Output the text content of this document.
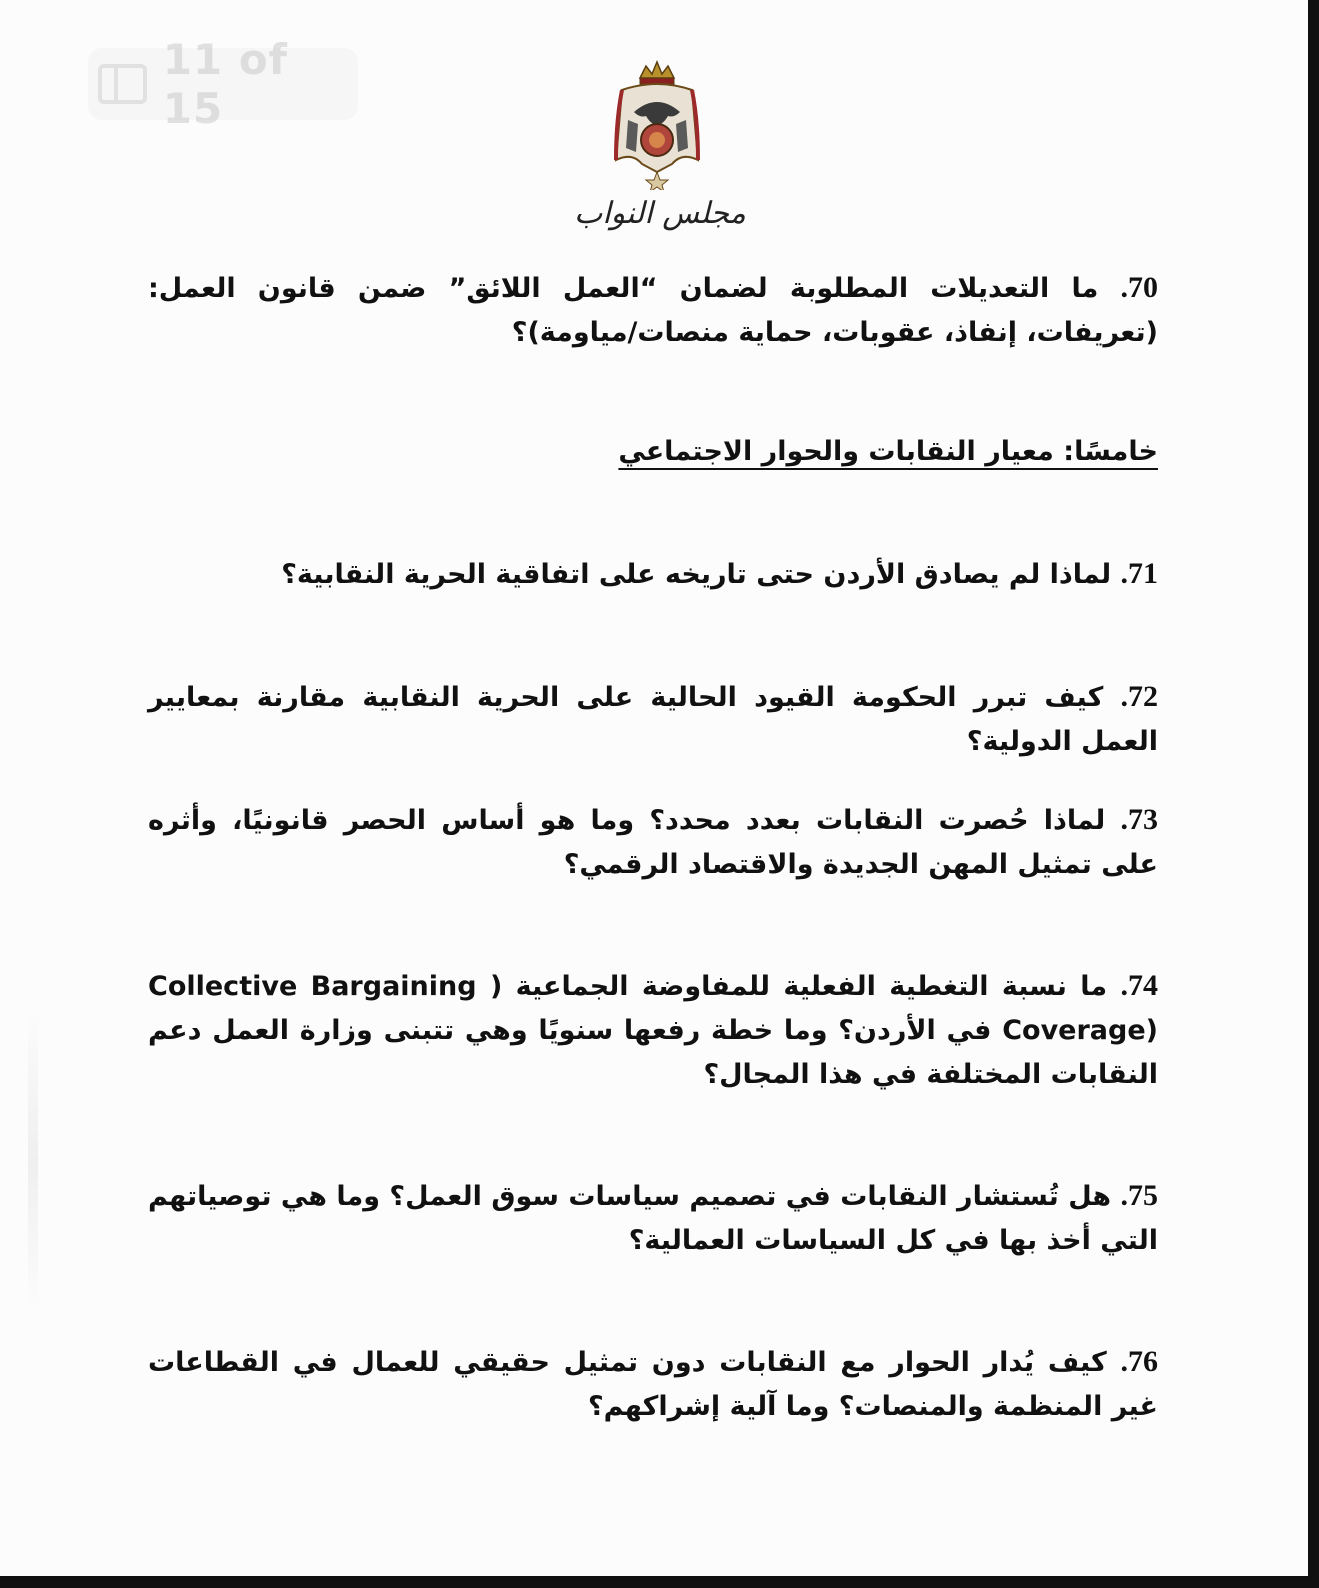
11 of 15
مجلس النواب
70. ما التعديلات المطلوبة لضمان “العمل اللائق” ضمن قانون العمل: (تعريفات، إنفاذ، عقوبات، حماية منصات/مياومة)؟
خامسًا: معيار النقابات والحوار الاجتماعي
71. لماذا لم يصادق الأردن حتى تاريخه على اتفاقية الحرية النقابية؟
72. كيف تبرر الحكومة القيود الحالية على الحرية النقابية مقارنة بمعايير العمل الدولية؟
73. لماذا حُصرت النقابات بعدد محدد؟ وما هو أساس الحصر قانونيًا، وأثره على تمثيل المهن الجديدة والاقتصاد الرقمي؟
74. ما نسبة التغطية الفعلية للمفاوضة الجماعية ( Collective Bargaining Coverage) في الأردن؟ وما خطة رفعها سنويًا وهي تتبنى وزارة العمل دعم النقابات المختلفة في هذا المجال؟
75. هل تُستشار النقابات في تصميم سياسات سوق العمل؟ وما هي توصياتهم التي أخذ بها في كل السياسات العمالية؟
76. كيف يُدار الحوار مع النقابات دون تمثيل حقيقي للعمال في القطاعات غير المنظمة والمنصات؟ وما آلية إشراكهم؟
